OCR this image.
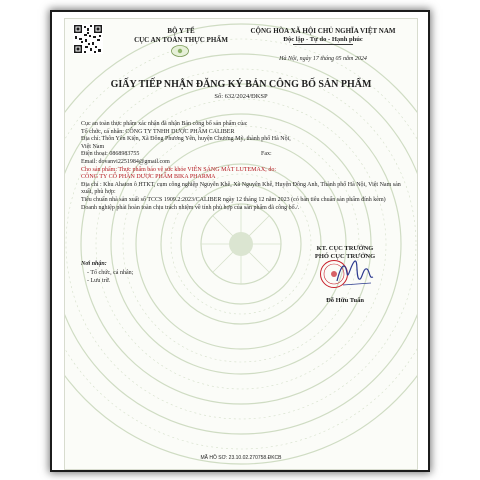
BỘ Y TẾ
CỤC AN TOÀN THỰC PHẨM
CỘNG HÒA XÃ HỘI CHỦ NGHĨA VIỆT NAM
Độc lập - Tự do - Hạnh phúc
Hà Nội, ngày 17 tháng 05 năm 2024
GIẤY TIẾP NHẬN ĐĂNG KÝ BẢN CÔNG BỐ SẢN PHẨM
Số: 632/2024/ĐKSP
Cục an toàn thực phẩm xác nhận đã nhận Bản công bố sản phẩm của:
Tổ chức, cá nhân: CÔNG TY TNHH DƯỢC PHẨM CALIBER
Địa chỉ: Thôn Yên Kiện, Xã Đông Phương Yên, huyện Chương Mỹ, thành phố Hà Nội,
Việt Nam
Điện thoại: 0868983755	Fax:
Email: dovanvi2251984@gmail.com
Cho sản phẩm: Thực phẩm bảo vệ sức khỏe VIÊN SÁNG MẮT LUTEMAX; do:
CÔNG TY CỔ PHẦN DƯỢC PHẨM BIKA PHARMA
Địa chỉ : Khu Ahaton ô HTKT, cụm công nghiệp Nguyễn Khê, Xã Nguyên Khê, Huyện Đông Anh, Thành phố Hà Nội, Việt Nam sản xuất, phù hợp:
Tiêu chuẩn nhà sản xuất số TCCS 1909.2:2023/CALIBER ngày 12 tháng 12 năm 2023 (có bản tiêu chuẩn sản phẩm đính kèm)
Doanh nghiệp phải hoàn toàn chịu trách nhiệm về tính phù hợp của sản phẩm đã công bố./.
Nơi nhận:
- Tổ chức, cá nhân;
- Lưu trữ.
KT. CỤC TRƯỞNG
PHÓ CỤC TRƯỞNG
Đỗ Hữu Tuấn
MÃ HỒ SƠ: 23.10.02.270758.ĐKCB
